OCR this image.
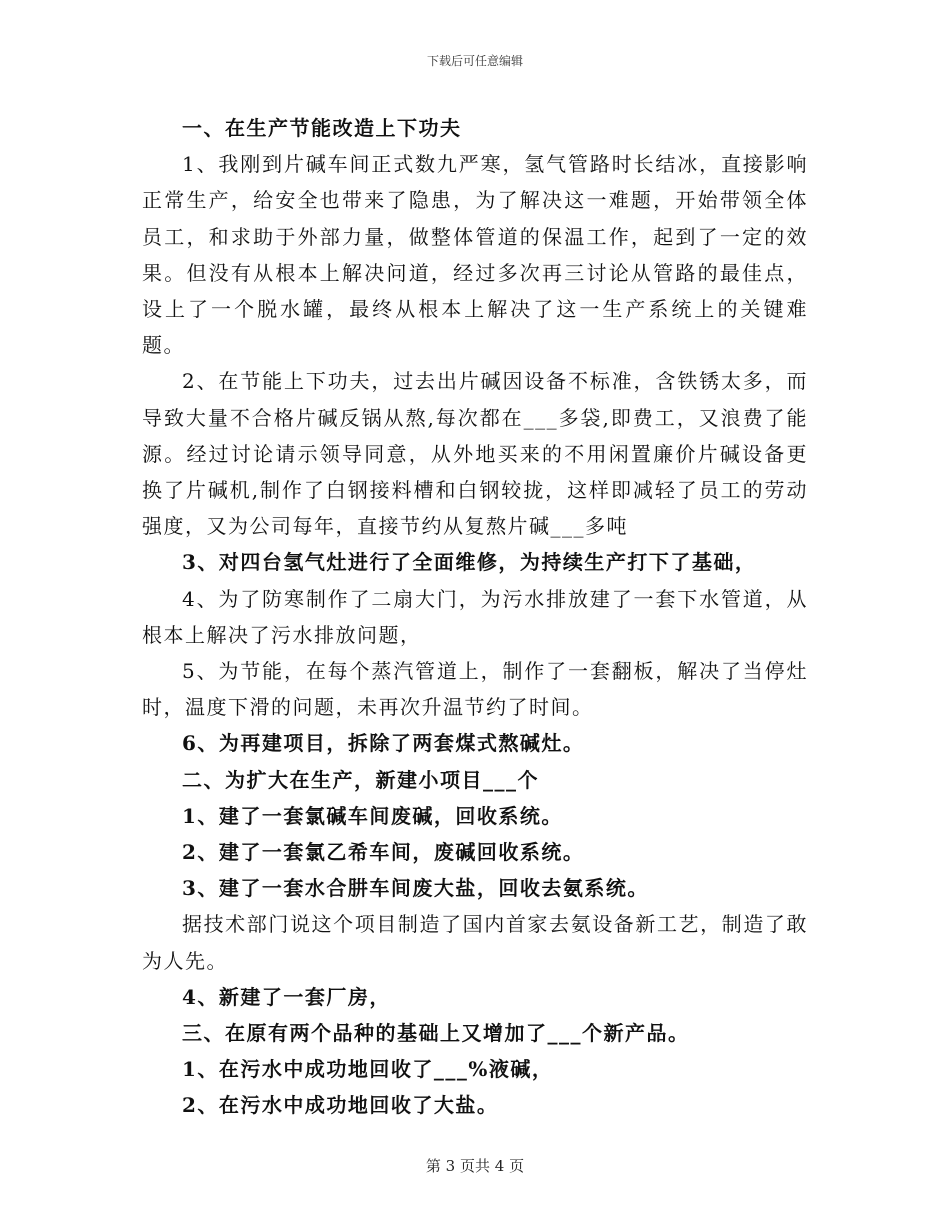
下载后可任意编辑

一、在生产节能改造上下功夫

1、我刚到片碱车间正式数九严寒，氢气管路时长结冰，直接影响正常生产，给安全也带来了隐患，为了解决这一难题，开始带领全体员工，和求助于外部力量，做整体管道的保温工作，起到了一定的效果。但没有从根本上解决问道，经过多次再三讨论从管路的最佳点，设上了一个脱水罐，最终从根本上解决了这一生产系统上的关键难题。

2、在节能上下功夫，过去出片碱因设备不标准，含铁锈太多，而导致大量不合格片碱反锅从熬,每次都在___多袋,即费工，又浪费了能源。经过讨论请示领导同意，从外地买来的不用闲置廉价片碱设备更换了片碱机,制作了白钢接料槽和白钢较拢，这样即减轻了员工的劳动强度，又为公司每年，直接节约从复熬片碱___多吨

3、对四台氢气灶进行了全面维修，为持续生产打下了基础，

4、为了防寒制作了二扇大门，为污水排放建了一套下水管道，从根本上解决了污水排放问题，

5、为节能，在每个蒸汽管道上，制作了一套翻板，解决了当停灶时，温度下滑的问题，未再次升温节约了时间。

6、为再建项目，拆除了两套煤式熬碱灶。

二、为扩大在生产，新建小项目___个

1、建了一套氯碱车间废碱，回收系统。

2、建了一套氯乙希车间，废碱回收系统。

3、建了一套水合肼车间废大盐，回收去氨系统。

据技术部门说这个项目制造了国内首家去氨设备新工艺，制造了敢为人先。

4、新建了一套厂房，

三、在原有两个品种的基础上又增加了___个新产品。

1、在污水中成功地回收了___%液碱，

2、在污水中成功地回收了大盐。

第 3 页共 4 页
